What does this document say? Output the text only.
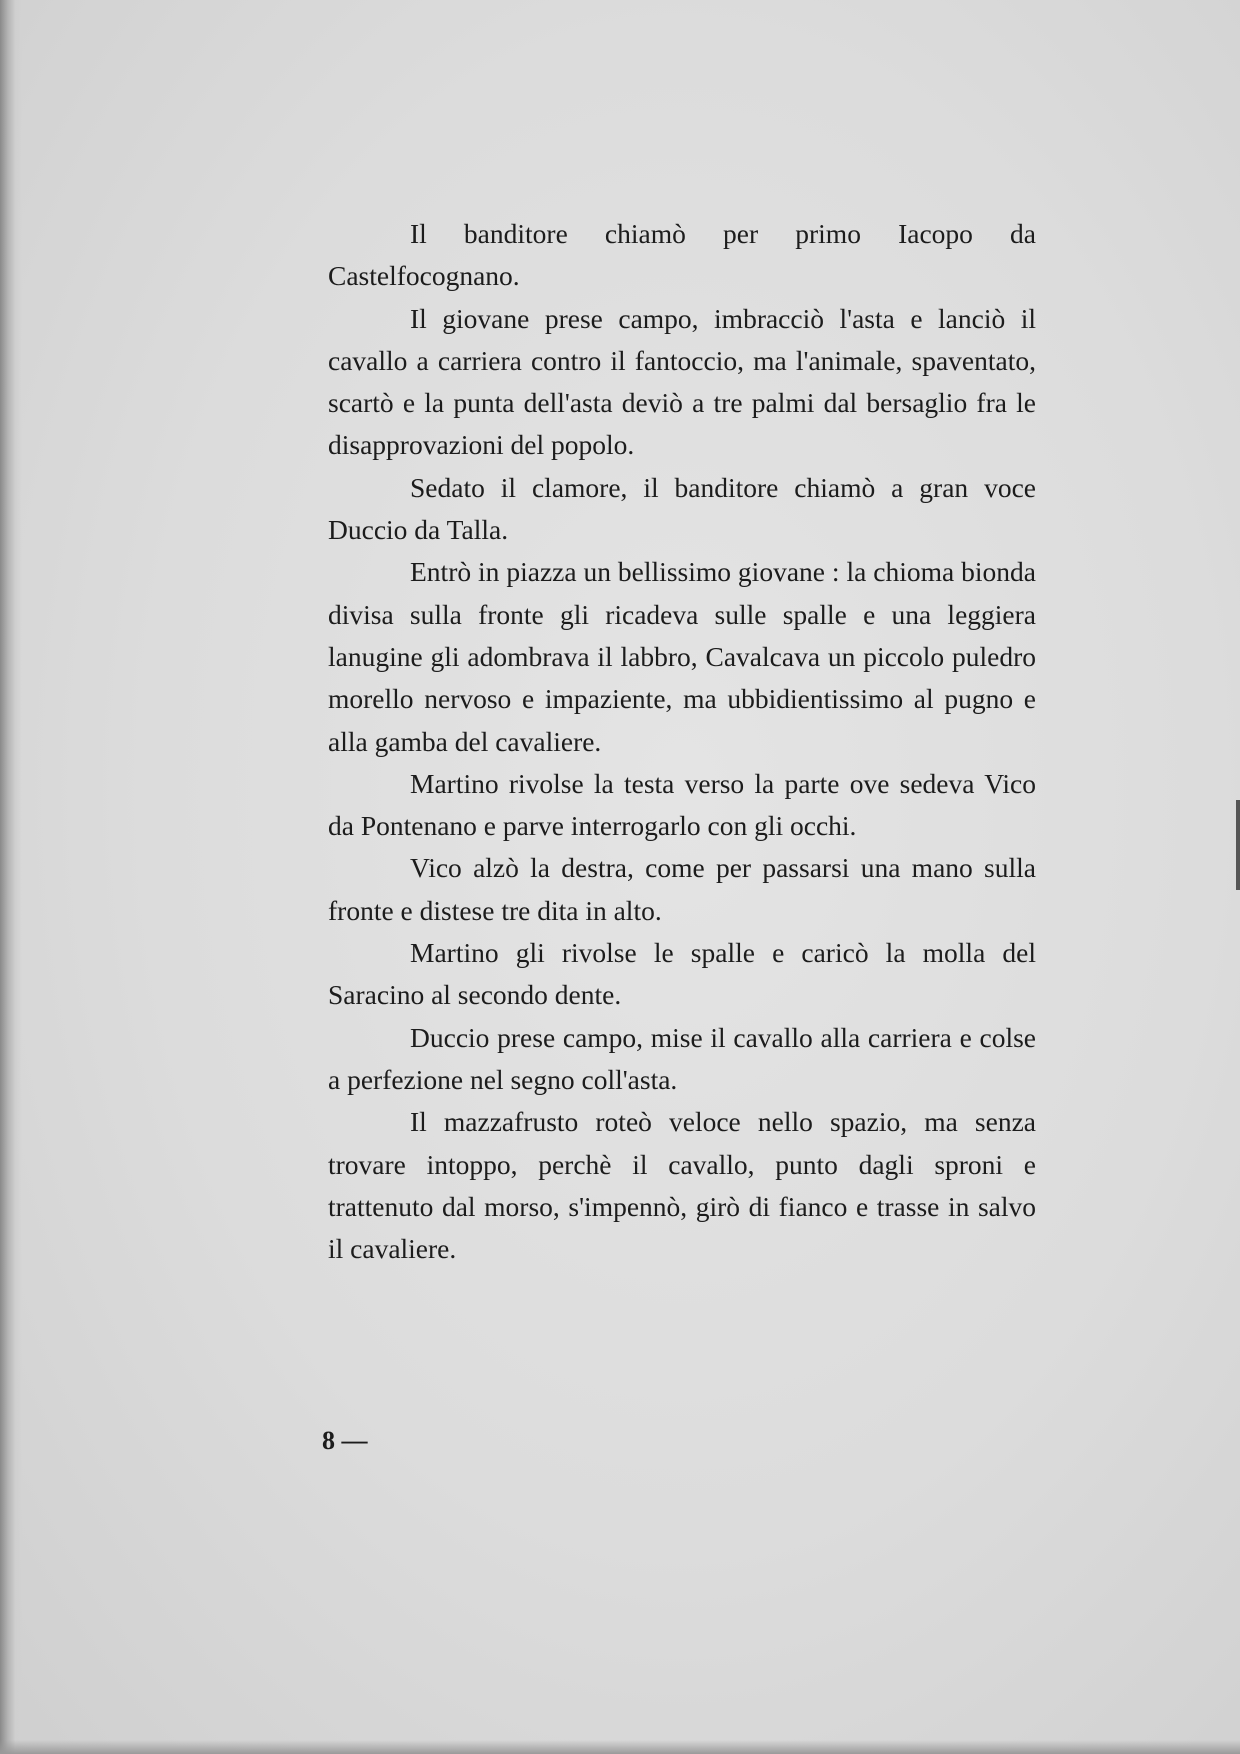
Il banditore chiamò per primo Iacopo da Castelfocognano.

Il giovane prese campo, imbracciò l'asta e lanciò il cavallo a carriera contro il fantoccio, ma l'animale, spaventato, scartò e la punta dell'asta deviò a tre palmi dal bersaglio fra le disapprovazioni del popolo.

Sedato il clamore, il banditore chiamò a gran voce Duccio da Talla.

Entrò in piazza un bellissimo giovane : la chioma bionda divisa sulla fronte gli ricadeva sulle spalle e una leggiera lanugine gli adombrava il labbro, Cavalcava un piccolo puledro morello nervoso e impaziente, ma ubbidientissimo al pugno e alla gamba del cavaliere.

Martino rivolse la testa verso la parte ove sedeva Vico da Pontenano e parve interrogarlo con gli occhi.

Vico alzò la destra, come per passarsi una mano sulla fronte e distese tre dita in alto.

Martino gli rivolse le spalle e caricò la molla del Saracino al secondo dente.

Duccio prese campo, mise il cavallo alla carriera e colse a perfezione nel segno coll'asta.

Il mazzafrusto roteò veloce nello spazio, ma senza trovare intoppo, perchè il cavallo, punto dagli sproni e trattenuto dal morso, s'impennò, girò di fianco e trasse in salvo il cavaliere.

8 —
